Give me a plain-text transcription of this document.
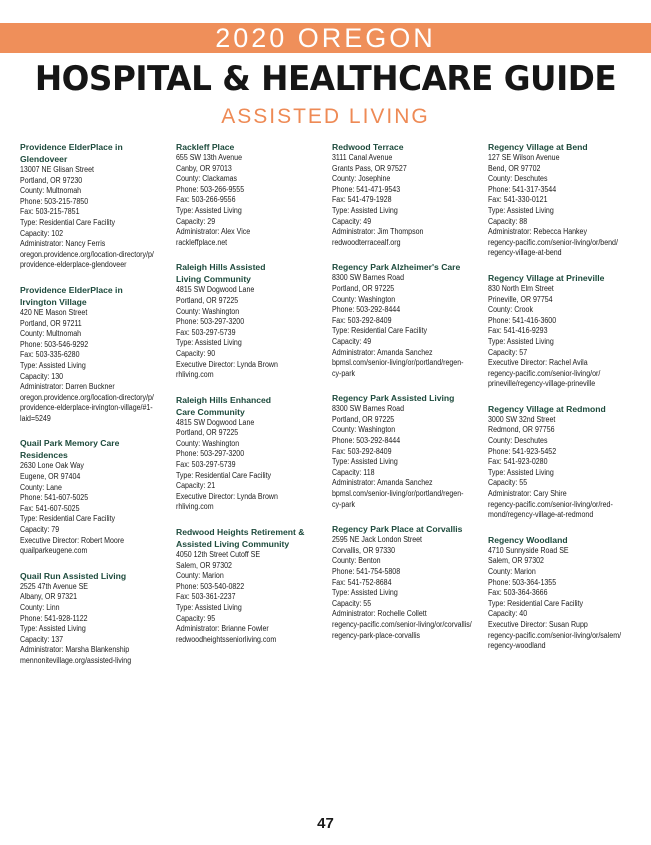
2020 OREGON
HOSPITAL & HEALTHCARE GUIDE
ASSISTED LIVING
Providence ElderPlace in
Glendoveer
13007 NE Glisan Street
Portland, OR 97230
County: Multnomah
Phone: 503-215-7850
Fax: 503-215-7851
Type: Residential Care Facility
Capacity: 102
Administrator: Nancy Ferris
oregon.providence.org/location-directory/p/
providence-elderplace-glendoveer
Providence ElderPlace in
Irvington Village
420 NE Mason Street
Portland, OR 97211
County: Multnomah
Phone: 503-546-9292
Fax: 503-335-6280
Type: Assisted Living
Capacity: 130
Administrator: Darren Buckner
oregon.providence.org/location-directory/p/
providence-elderplace-irvington-village/#1-
laid=5249
Quail Park Memory Care
Residences
2630 Lone Oak Way
Eugene, OR 97404
County: Lane
Phone: 541-607-5025
Fax: 541-607-5025
Type: Residential Care Facility
Capacity: 79
Executive Director: Robert Moore
quailparkeugene.com
Quail Run Assisted Living
2525 47th Avenue SE
Albany, OR 97321
County: Linn
Phone: 541-928-1122
Type: Assisted Living
Capacity: 137
Administrator: Marsha Blankenship
mennonitevillage.org/assisted-living
Rackleff Place
655 SW 13th Avenue
Canby, OR 97013
County: Clackamas
Phone: 503-266-9555
Fax: 503-266-9556
Type: Assisted Living
Capacity: 29
Administrator: Alex Vice
rackleffplace.net
Raleigh Hills Assisted
Living Community
4815 SW Dogwood Lane
Portland, OR 97225
County: Washington
Phone: 503-297-3200
Fax: 503-297-5739
Type: Assisted Living
Capacity: 90
Executive Director: Lynda Brown
rhliving.com
Raleigh Hills Enhanced
Care Community
4815 SW Dogwood Lane
Portland, OR 97225
County: Washington
Phone: 503-297-3200
Fax: 503-297-5739
Type: Residential Care Facility
Capacity: 21
Executive Director: Lynda Brown
rhliving.com
Redwood Heights Retirement &
Assisted Living Community
4050 12th Street Cutoff SE
Salem, OR 97302
County: Marion
Phone: 503-540-0822
Fax: 503-361-2237
Type: Assisted Living
Capacity: 95
Administrator: Brianne Fowler
redwoodheightsseniorliving.com
Redwood Terrace
3111 Canal Avenue
Grants Pass, OR 97527
County: Josephine
Phone: 541-471-9543
Fax: 541-479-1928
Type: Assisted Living
Capacity: 49
Administrator: Jim Thompson
redwoodterracealf.org
Regency Park Alzheimer's Care
8300 SW Barnes Road
Portland, OR 97225
County: Washington
Phone: 503-292-8444
Fax: 503-292-8409
Type: Residential Care Facility
Capacity: 49
Administrator: Amanda Sanchez
bpmsl.com/senior-living/or/portland/regen-
cy-park
Regency Park Assisted Living
8300 SW Barnes Road
Portland, OR 97225
County: Washington
Phone: 503-292-8444
Fax: 503-292-8409
Type: Assisted Living
Capacity: 118
Administrator: Amanda Sanchez
bpmsl.com/senior-living/or/portland/regen-
cy-park
Regency Park Place at Corvallis
2595 NE Jack London Street
Corvallis, OR 97330
County: Benton
Phone: 541-754-5808
Fax: 541-752-8684
Type: Assisted Living
Capacity: 55
Administrator: Rochelle Collett
regency-pacific.com/senior-living/or/corvallis/
regency-park-place-corvallis
Regency Village at Bend
127 SE Wilson Avenue
Bend, OR 97702
County: Deschutes
Phone: 541-317-3544
Fax: 541-330-0121
Type: Assisted Living
Capacity: 88
Administrator: Rebecca Hankey
regency-pacific.com/senior-living/or/bend/
regency-village-at-bend
Regency Village at Prineville
830 North Elm Street
Prineville, OR 97754
County: Crook
Phone: 541-416-3600
Fax: 541-416-9293
Type: Assisted Living
Capacity: 57
Executive Director: Rachel Avila
regency-pacific.com/senior-living/or/
prineville/regency-village-prineville
Regency Village at Redmond
3000 SW 32nd Street
Redmond, OR 97756
County: Deschutes
Phone: 541-923-5452
Fax: 541-923-0280
Type: Assisted Living
Capacity: 55
Administrator: Cary Shire
regency-pacific.com/senior-living/or/red-
mond/regency-village-at-redmond
Regency Woodland
4710 Sunnyside Road SE
Salem, OR 97302
County: Marion
Phone: 503-364-1355
Fax: 503-364-3666
Type: Residential Care Facility
Capacity: 40
Executive Director: Susan Rupp
regency-pacific.com/senior-living/or/salem/
regency-woodland
47
